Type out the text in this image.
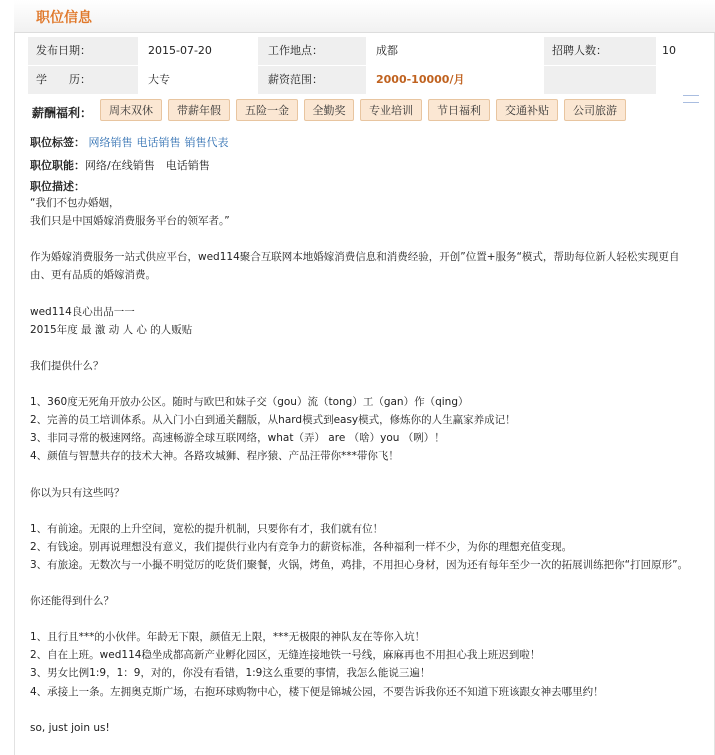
职位信息
发布日期：	2015-07-20	工作地点：	成都	招聘人数：	10
学　　历：	大专	薪资范围：	2000-10000/月
薪酬福利：	周末双休	带薪年假	五险一金	全勤奖	专业培训	节日福利	交通补贴	公司旅游
职位标签： 网络销售 电话销售 销售代表
职位职能：网络/在线销售　电话销售
职位描述：
“我们不包办婚姻，
我们只是中国婚嫁消费服务平台的领军者。”
作为婚嫁消费服务一站式供应平台，wed114聚合互联网本地婚嫁消费信息和消费经验，开创”位置+服务“模式，帮助每位新人轻松实现更自由、更有品质的婚嫁消费。
wed114良心出品一一
2015年度 最 激 动 人 心 的人贩贴
我们提供什么？
1、360度无死角开放办公区。随时与欧巴和妹子交（gou）流（tong）工（gan）作（qing）
2、完善的员工培训体系。从入门小白到通关翻版，从hard模式到easy模式，修炼你的人生赢家养成记！
3、非同寻常的极速网络。高速畅游全球互联网络，what（弄） are （啥）you （咧）！
4、颜值与智慧共存的技术大神。各路攻城狮、程序猿、产品汪带你***带你飞！
你以为只有这些吗？
1、有前途。无限的上升空间，宽松的提升机制，只要你有才，我们就有位！
2、有钱途。别再说理想没有意义，我们提供行业内有竞争力的薪资标准，各种福利一样不少，为你的理想充值变现。
3、有旅途。无数次与一小撮不明觉厉的吃货们聚餐，火锅，烤鱼，鸡排，不用担心身材，因为还有每年至少一次的拓展训练把你“打回原形”。
你还能得到什么？
1、且行且***的小伙伴。年龄无下限，颜值无上限，***无极限的神队友在等你入坑！
2、自在上班。wed114稳坐成都高新产业孵化园区，无缝连接地铁一号线，麻麻再也不用担心我上班迟到啦！
3、男女比例1:9，1：9，对的，你没有看错，1:9这么重要的事情，我怎么能说三遍！
4、承接上一条。左拥奥克斯广场，右抱环球购物中心，楼下便是锦城公园，不要告诉我你还不知道下班该跟女神去哪里约！
so, just join us!
